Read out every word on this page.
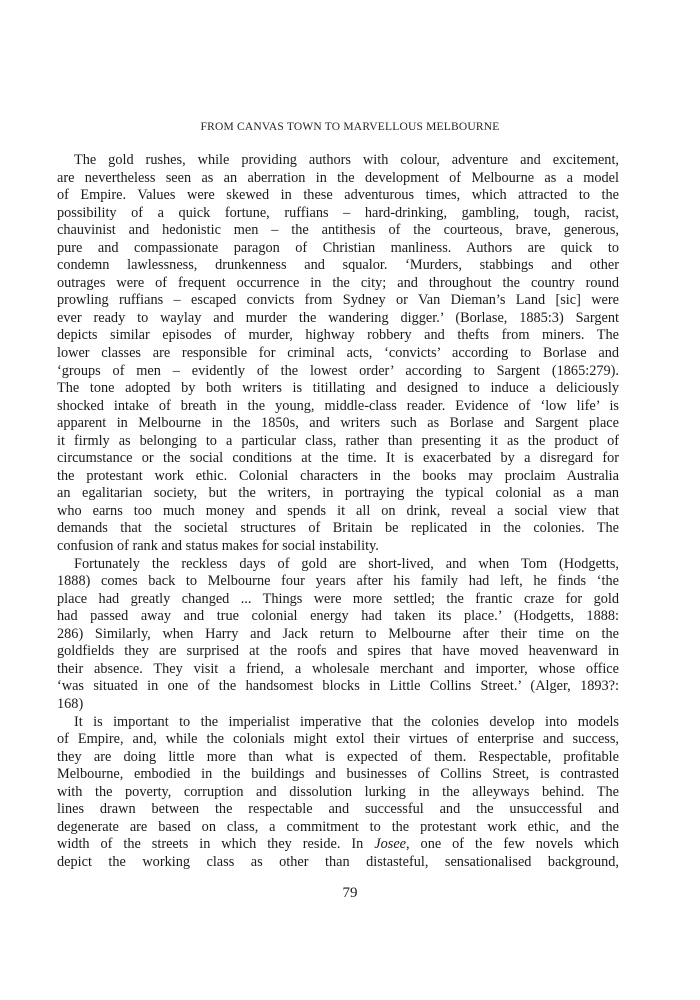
FROM CANVAS TOWN TO MARVELLOUS MELBOURNE
The gold rushes, while providing authors with colour, adventure and excitement,
are nevertheless seen as an aberration in the development of Melbourne as a model
of Empire. Values were skewed in these adventurous times, which attracted to the
possibility of a quick fortune, ruffians – hard-drinking, gambling, tough, racist,
chauvinist and hedonistic men – the antithesis of the courteous, brave, generous,
pure and compassionate paragon of Christian manliness. Authors are quick to
condemn lawlessness, drunkenness and squalor. ‘Murders, stabbings and other
outrages were of frequent occurrence in the city; and throughout the country round
prowling ruffians – escaped convicts from Sydney or Van Dieman’s Land [sic] were
ever ready to waylay and murder the wandering digger.’ (Borlase, 1885:3) Sargent
depicts similar episodes of murder, highway robbery and thefts from miners. The
lower classes are responsible for criminal acts, ‘convicts’ according to Borlase and
‘groups of men – evidently of the lowest order’ according to Sargent (1865:279).
The tone adopted by both writers is titillating and designed to induce a deliciously
shocked intake of breath in the young, middle-class reader. Evidence of ‘low life’ is
apparent in Melbourne in the 1850s, and writers such as Borlase and Sargent place
it firmly as belonging to a particular class, rather than presenting it as the product of
circumstance or the social conditions at the time. It is exacerbated by a disregard for
the protestant work ethic. Colonial characters in the books may proclaim Australia
an egalitarian society, but the writers, in portraying the typical colonial as a man
who earns too much money and spends it all on drink, reveal a social view that
demands that the societal structures of Britain be replicated in the colonies. The
confusion of rank and status makes for social instability.
Fortunately the reckless days of gold are short-lived, and when Tom (Hodgetts,
1888) comes back to Melbourne four years after his family had left, he finds ‘the
place had greatly changed ... Things were more settled; the frantic craze for gold
had passed away and true colonial energy had taken its place.’ (Hodgetts, 1888:
286) Similarly, when Harry and Jack return to Melbourne after their time on the
goldfields they are surprised at the roofs and spires that have moved heavenward in
their absence. They visit a friend, a wholesale merchant and importer, whose office
‘was situated in one of the handsomest blocks in Little Collins Street.’ (Alger, 1893?:
168)
It is important to the imperialist imperative that the colonies develop into models
of Empire, and, while the colonials might extol their virtues of enterprise and success,
they are doing little more than what is expected of them. Respectable, profitable
Melbourne, embodied in the buildings and businesses of Collins Street, is contrasted
with the poverty, corruption and dissolution lurking in the alleyways behind. The
lines drawn between the respectable and successful and the unsuccessful and
degenerate are based on class, a commitment to the protestant work ethic, and the
width of the streets in which they reside. In Josee, one of the few novels which
depict the working class as other than distasteful, sensationalised background,
79
